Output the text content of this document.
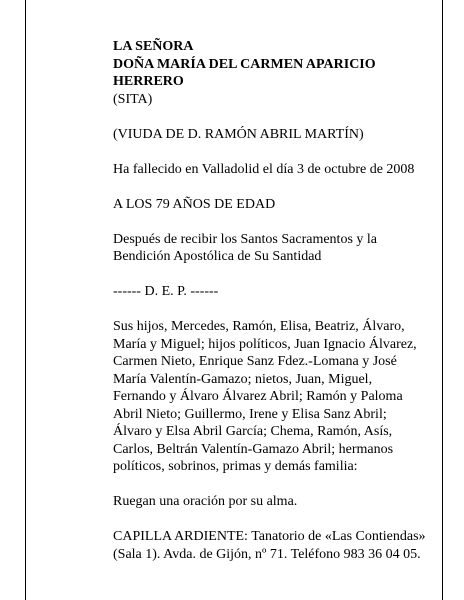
LA SEÑORA
DOÑA MARÍA DEL CARMEN APARICIO
HERRERO
(SITA)
(VIUDA DE D. RAMÓN ABRIL MARTÍN)
Ha fallecido en Valladolid el día 3 de octubre de 2008
A LOS 79 AÑOS DE EDAD
Después de recibir los Santos Sacramentos y la
Bendición Apostólica de Su Santidad
------ D. E. P. ------
Sus hijos, Mercedes, Ramón, Elisa, Beatriz, Álvaro,
María y Miguel; hijos políticos, Juan Ignacio Álvarez,
Carmen Nieto, Enrique Sanz Fdez.-Lomana y José
María Valentín-Gamazo; nietos, Juan, Miguel,
Fernando y Álvaro Álvarez Abril; Ramón y Paloma
Abril Nieto; Guillermo, Irene y Elisa Sanz Abril;
Álvaro y Elsa Abril García; Chema, Ramón, Asís,
Carlos, Beltrán Valentín-Gamazo Abril; hermanos
políticos, sobrinos, primas y demás familia:
Ruegan una oración por su alma.
CAPILLA ARDIENTE: Tanatorio de «Las Contiendas»
(Sala 1). Avda. de Gijón, nº 71. Teléfono 983 36 04 05.
